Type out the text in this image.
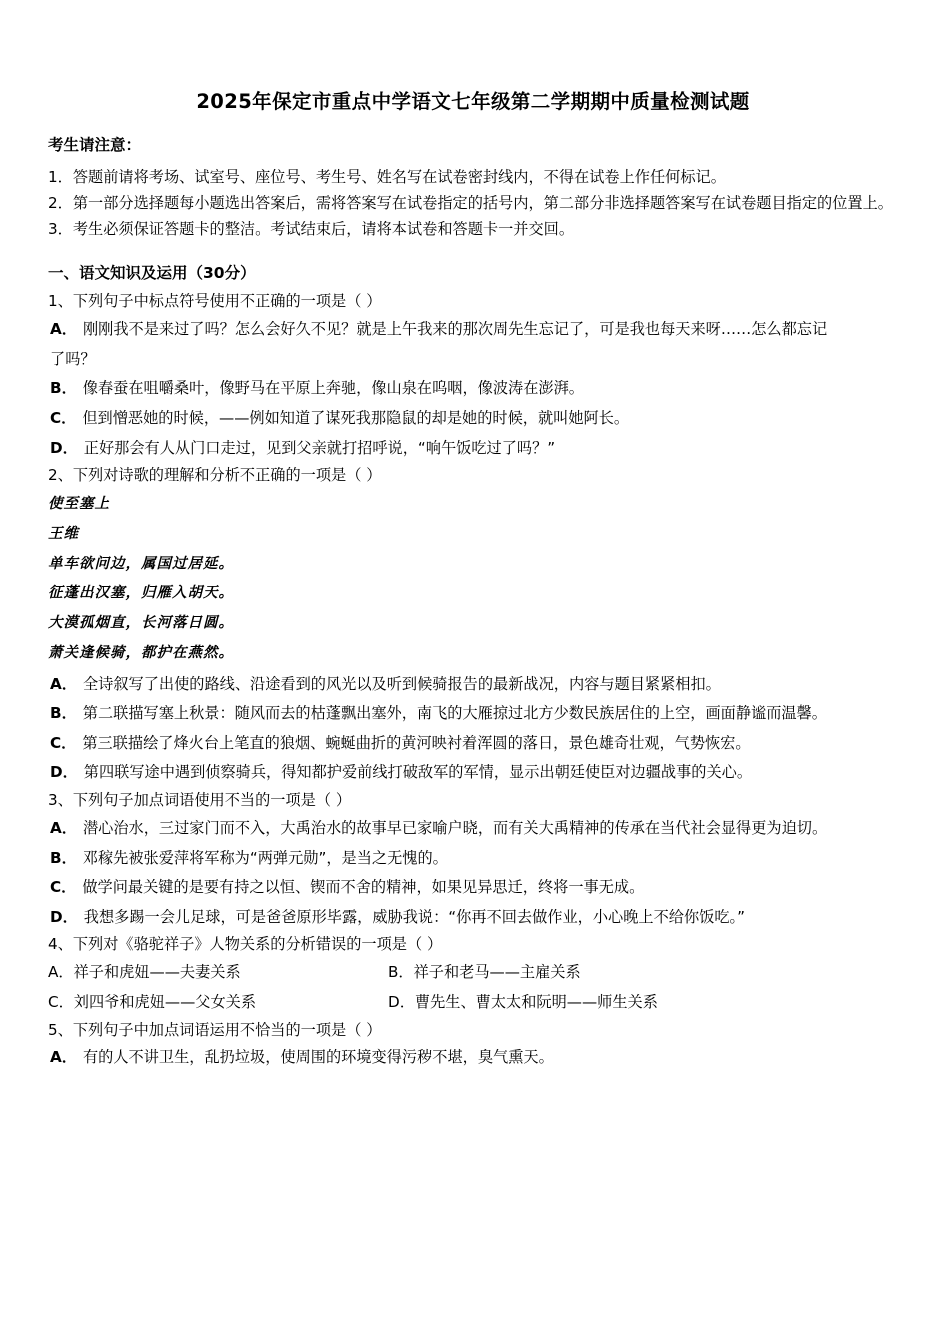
2025年保定市重点中学语文七年级第二学期期中质量检测试题

考生请注意：

1．答题前请将考场、试室号、座位号、考生号、姓名写在试卷密封线内，不得在试卷上作任何标记。

2．第一部分选择题每小题选出答案后，需将答案写在试卷指定的括号内，第二部分非选择题答案写在试卷题目指定的位置上。

3．考生必须保证答题卡的整洁。考试结束后，请将本试卷和答题卡一并交回。

一、语文知识及运用（30分）

1、下列句子中标点符号使用不正确的一项是（ ）

A． 刚刚我不是来过了吗？怎么会好久不见？就是上午我来的那次周先生忘记了，可是我也每天来呀……怎么都忘记

了吗？

B． 像春蚕在咀嚼桑叶，像野马在平原上奔驰，像山泉在呜咽，像波涛在澎湃。

C． 但到憎恶她的时候，——例如知道了谋死我那隐鼠的却是她的时候，就叫她阿长。

D． 正好那会有人从门口走过，见到父亲就打招呼说，“响午饭吃过了吗？”

2、下列对诗歌的理解和分析不正确的一项是（ ）

使至塞上

王维

单车欲问边，属国过居延。

征蓬出汉塞，归雁入胡天。

大漠孤烟直，长河落日圆。

萧关逢候骑，都护在燕然。

A． 全诗叙写了出使的路线、沿途看到的风光以及听到候骑报告的最新战况，内容与题目紧紧相扣。

B． 第二联描写塞上秋景：随风而去的枯蓬飘出塞外，南飞的大雁掠过北方少数民族居住的上空，画面静谧而温馨。

C． 第三联描绘了烽火台上笔直的狼烟、蜿蜒曲折的黄河映衬着浑圆的落日，景色雄奇壮观，气势恢宏。

D． 第四联写途中遇到侦察骑兵，得知都护爱前线打破敌军的军情，显示出朝廷使臣对边疆战事的关心。

3、下列句子加点词语使用不当的一项是（ ）

A． 潜心治水，三过家门而不入，大禹治水的故事早已家喻户晓，而有关大禹精神的传承在当代社会显得更为迫切。

B． 邓稼先被张爱萍将军称为“两弹元勋”，是当之无愧的。

C． 做学问最关键的是要有持之以恒、锲而不舍的精神，如果见异思迁，终将一事无成。

D． 我想多踢一会儿足球，可是爸爸原形毕露，威胁我说：“你再不回去做作业，小心晚上不给你饭吃。”

4、下列对《骆驼祥子》人物关系的分析错误的一项是（ ）

A．祥子和虎妞——夫妻关系	B．祥子和老马——主雇关系
C．刘四爷和虎妞——父女关系	D．曹先生、曹太太和阮明——师生关系

5、下列句子中加点词语运用不恰当的一项是（ ）

A． 有的人不讲卫生，乱扔垃圾，使周围的环境变得污秽不堪，臭气熏天。
